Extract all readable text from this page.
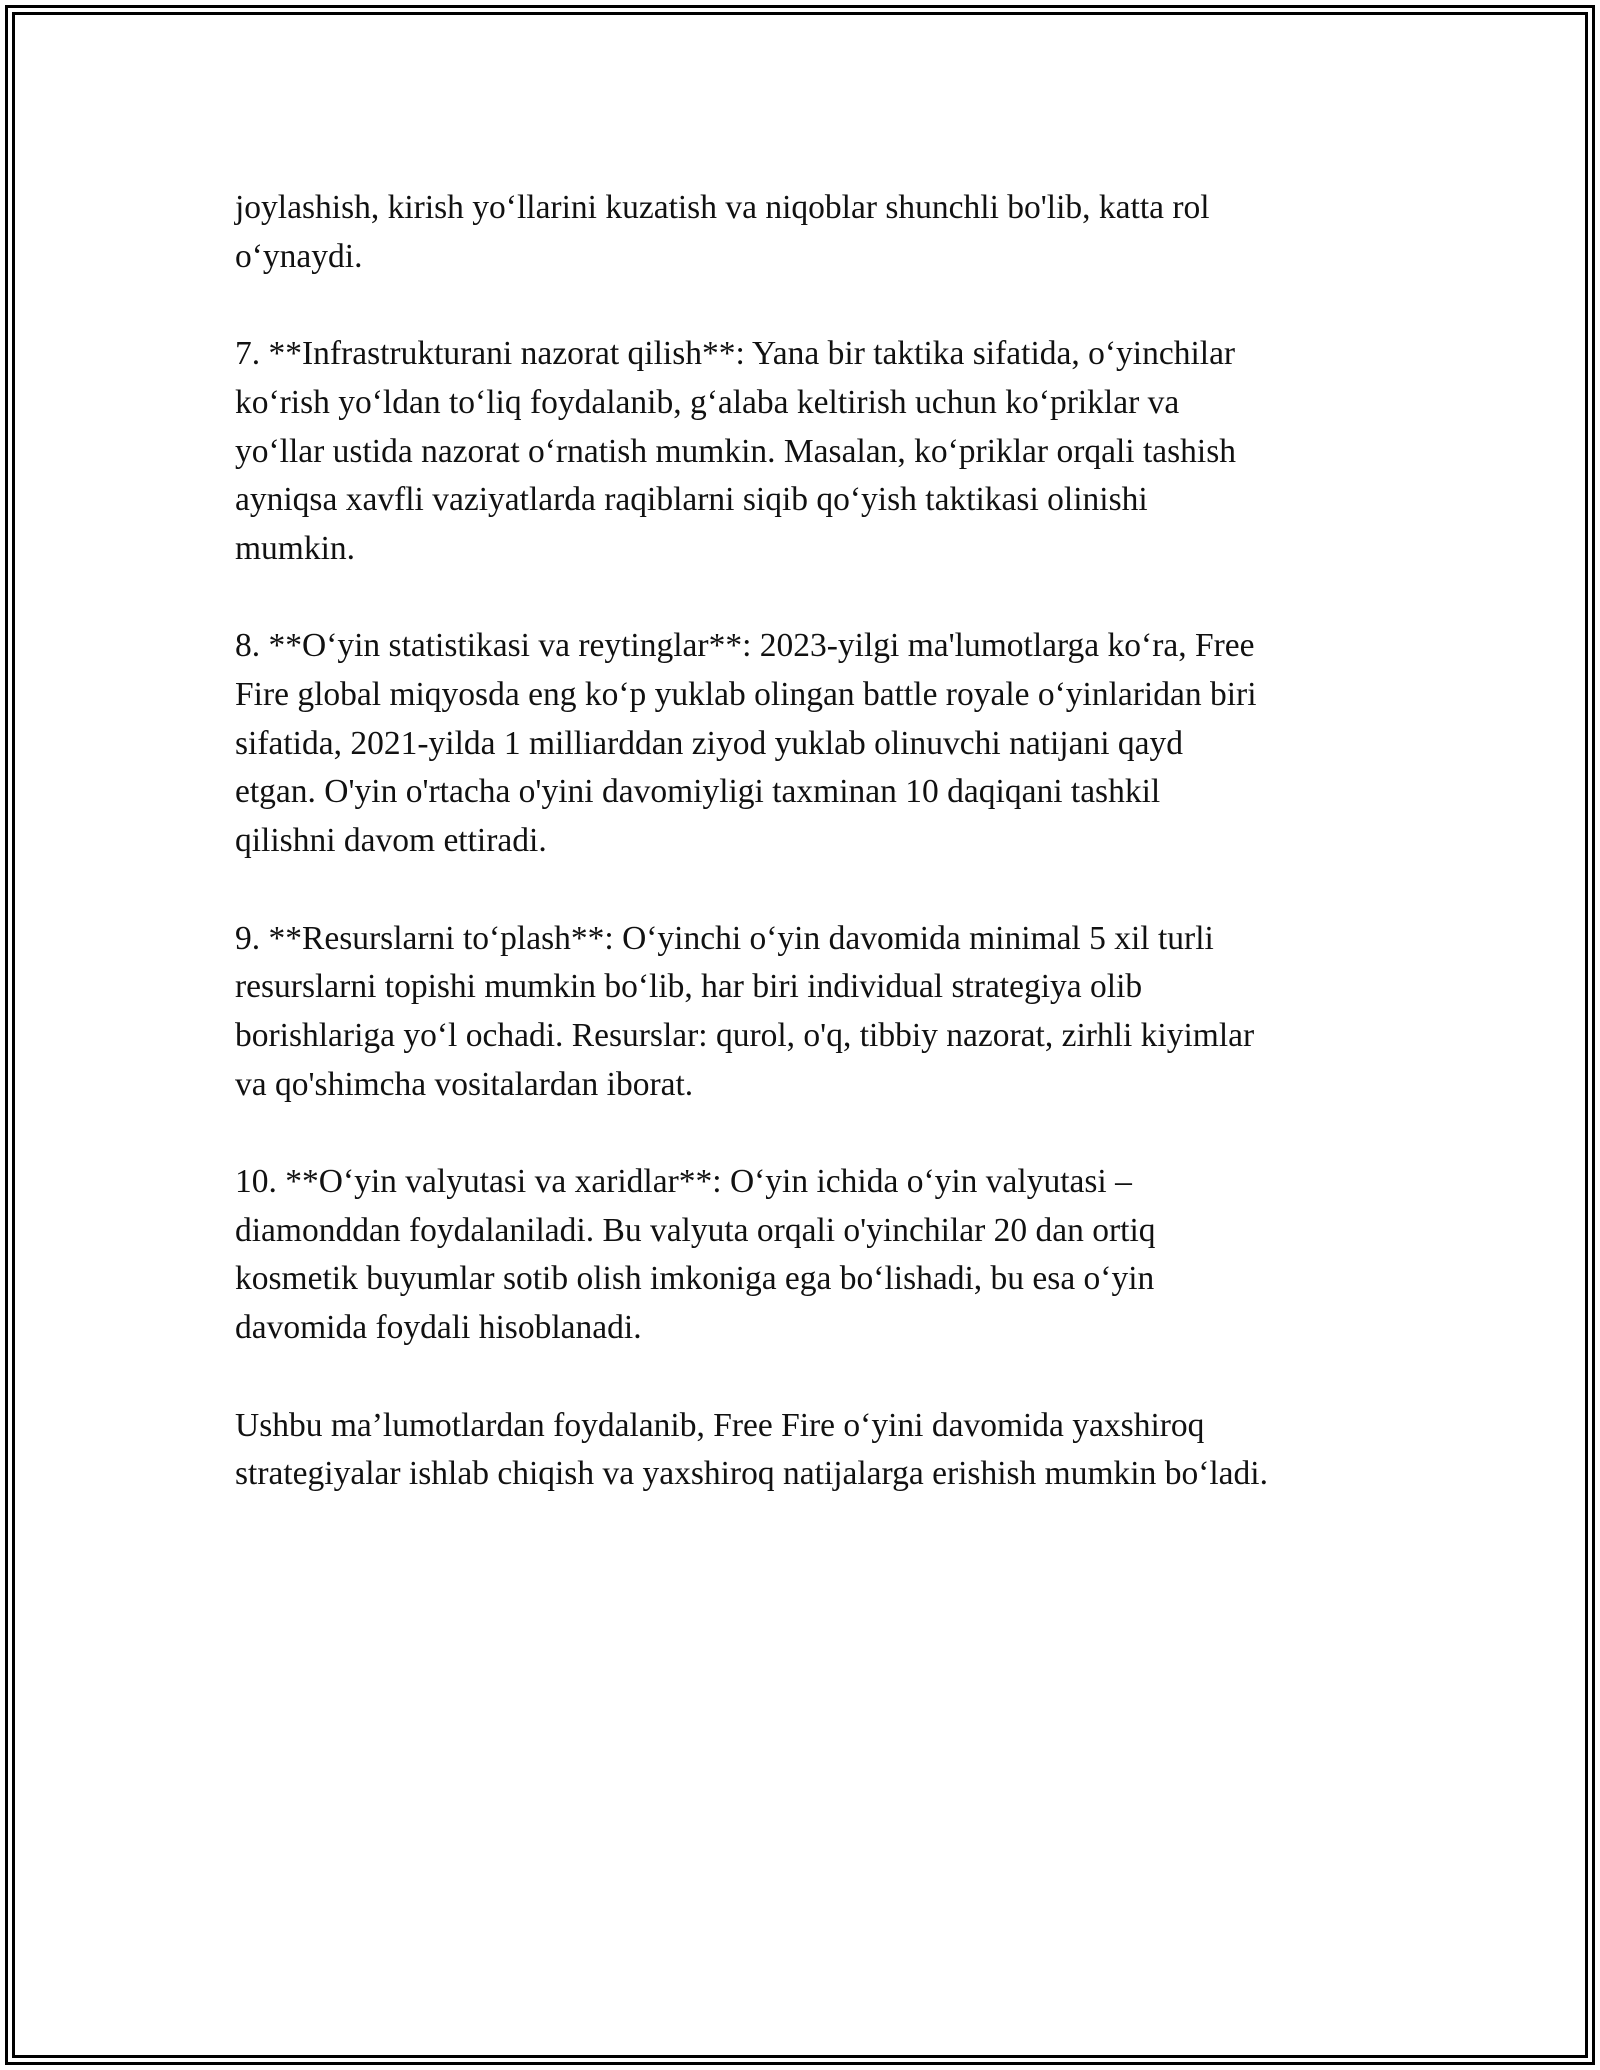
joylashish, kirish yo‘llarini kuzatish va niqoblar shunchli bo'lib, katta rol
o‘ynaydi.

7. **Infrastrukturani nazorat qilish**: Yana bir taktika sifatida, o‘yinchilar
ko‘rish yo‘ldan to‘liq foydalanib, g‘alaba keltirish uchun ko‘priklar va
yo‘llar ustida nazorat o‘rnatish mumkin. Masalan, ko‘priklar orqali tashish
ayniqsa xavfli vaziyatlarda raqiblarni siqib qo‘yish taktikasi olinishi
mumkin.

8. **O‘yin statistikasi va reytinglar**: 2023-yilgi ma'lumotlarga ko‘ra, Free
Fire global miqyosda eng ko‘p yuklab olingan battle royale o‘yinlaridan biri
sifatida, 2021-yilda 1 milliarddan ziyod yuklab olinuvchi natijani qayd
etgan. O'yin o'rtacha o'yini davomiyligi taxminan 10 daqiqani tashkil
qilishni davom ettiradi.

9. **Resurslarni to‘plash**: O‘yinchi o‘yin davomida minimal 5 xil turli
resurslarni topishi mumkin bo‘lib, har biri individual strategiya olib
borishlariga yo‘l ochadi. Resurslar: qurol, o'q, tibbiy nazorat, zirhli kiyimlar
va qo'shimcha vositalardan iborat.

10. **O‘yin valyutasi va xaridlar**: O‘yin ichida o‘yin valyutasi –
diamonddan foydalaniladi. Bu valyuta orqali o'yinchilar 20 dan ortiq
kosmetik buyumlar sotib olish imkoniga ega bo‘lishadi, bu esa o‘yin
davomida foydali hisoblanadi.

Ushbu ma’lumotlardan foydalanib, Free Fire o‘yini davomida yaxshiroq
strategiyalar ishlab chiqish va yaxshiroq natijalarga erishish mumkin bo‘ladi.
